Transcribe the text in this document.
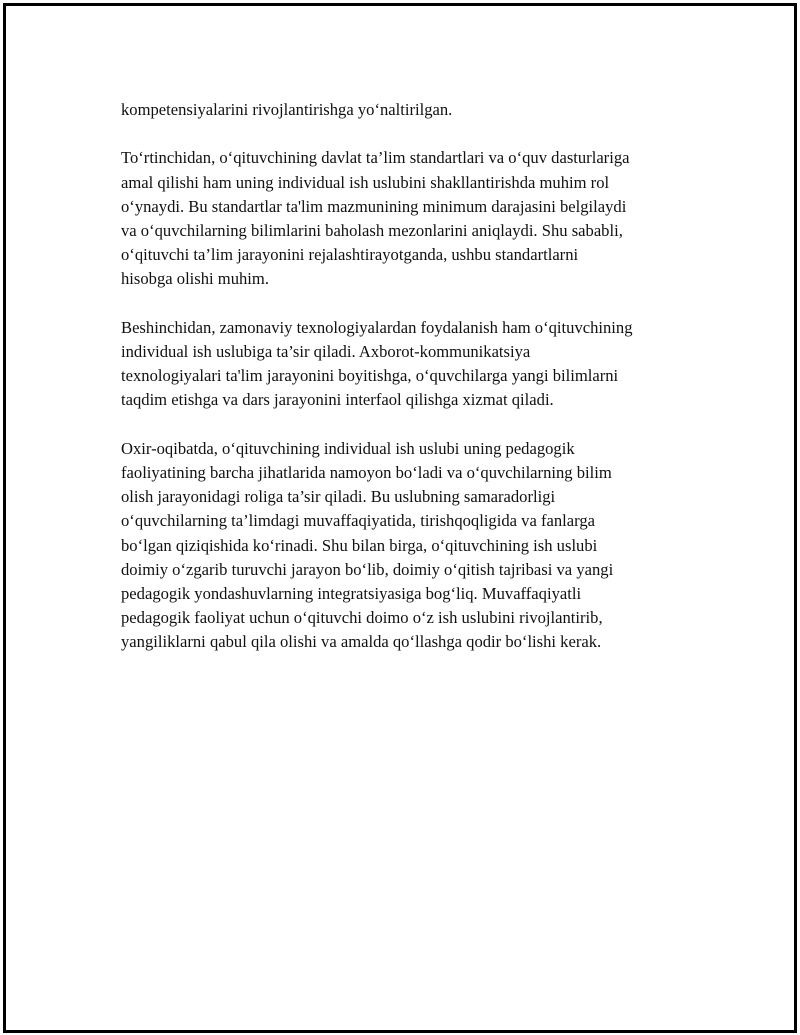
kompetensiyalarini rivojlantirishga yo‘naltirilgan.

To‘rtinchidan, o‘qituvchining davlat ta’lim standartlari va o‘quv dasturlariga
amal qilishi ham uning individual ish uslubini shakllantirishda muhim rol
o‘ynaydi. Bu standartlar ta'lim mazmunining minimum darajasini belgilaydi
va o‘quvchilarning bilimlarini baholash mezonlarini aniqlaydi. Shu sababli,
o‘qituvchi ta’lim jarayonini rejalashtirayotganda, ushbu standartlarni
hisobga olishi muhim.

Beshinchidan, zamonaviy texnologiyalardan foydalanish ham o‘qituvchining
individual ish uslubiga ta’sir qiladi. Axborot-kommunikatsiya
texnologiyalari ta'lim jarayonini boyitishga, o‘quvchilarga yangi bilimlarni
taqdim etishga va dars jarayonini interfaol qilishga xizmat qiladi.

Oxir-oqibatda, o‘qituvchining individual ish uslubi uning pedagogik
faoliyatining barcha jihatlarida namoyon bo‘ladi va o‘quvchilarning bilim
olish jarayonidagi roliga ta’sir qiladi. Bu uslubning samaradorligi
o‘quvchilarning ta’limdagi muvaffaqiyatida, tirishqoqligida va fanlarga
bo‘lgan qiziqishida ko‘rinadi. Shu bilan birga, o‘qituvchining ish uslubi
doimiy o‘zgarib turuvchi jarayon bo‘lib, doimiy o‘qitish tajribasi va yangi
pedagogik yondashuvlarning integratsiyasiga bog‘liq. Muvaffaqiyatli
pedagogik faoliyat uchun o‘qituvchi doimo o‘z ish uslubini rivojlantirib,
yangiliklarni qabul qila olishi va amalda qo‘llashga qodir bo‘lishi kerak.
